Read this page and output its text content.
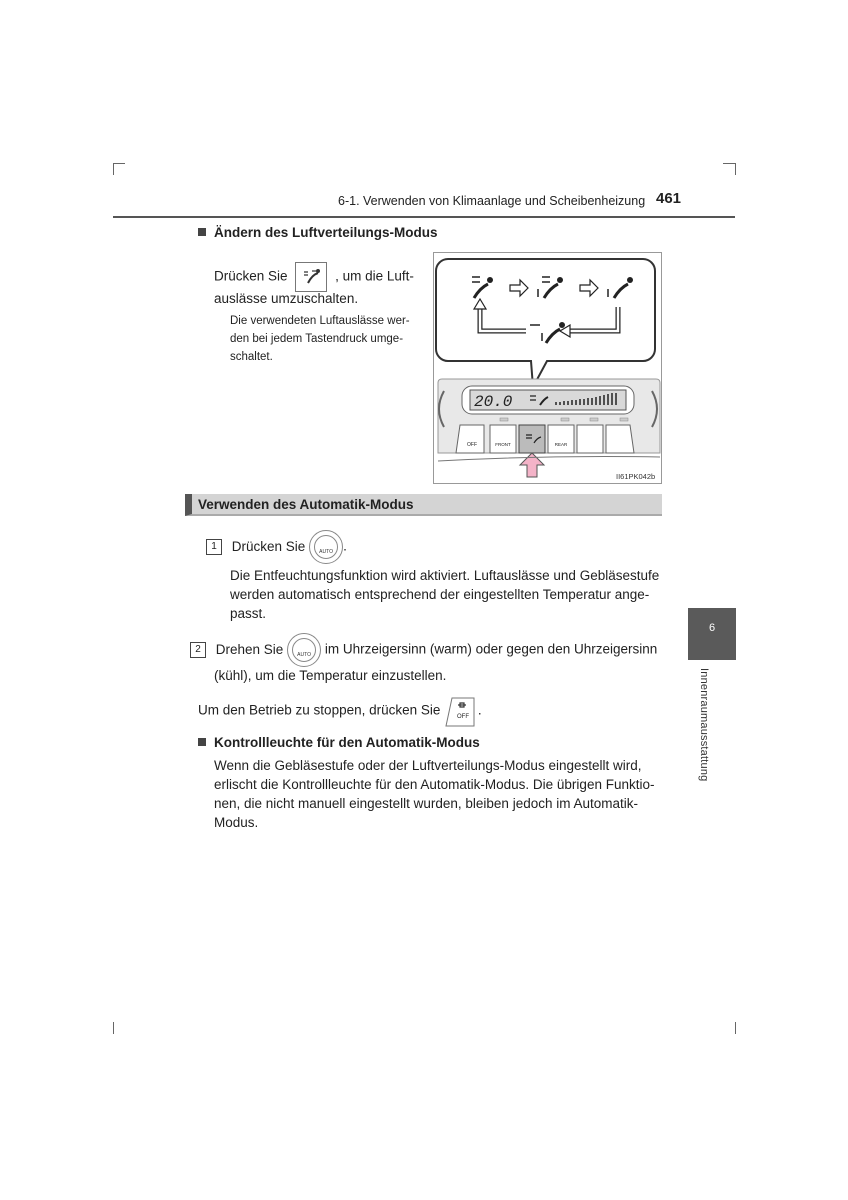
6-1. Verwenden von Klimaanlage und Scheibenheizung 461
Ändern des Luftverteilungs-Modus
Drücken Sie	, um die Luft-
auslässe umzuschalten.
Die verwendeten Luftauslässe wer-
den bei jedem Tastendruck umge-
schaltet.
20.0
OFF	FRONT	REAR
II61PK042b
Verwenden des Automatik-Modus
1 Drücken Sie	AUTO .
Die Entfeuchtungsfunktion wird aktiviert. Luftauslässe und Gebläsestufe
werden automatisch entsprechend der eingestellten Temperatur ange-
passt.
2 Drehen Sie	AUTO	im Uhrzeigersinn (warm) oder gegen den Uhrzeigersinn
(kühl), um die Temperatur einzustellen.
Um den Betrieb zu stoppen, drücken Sie	OFF .
Kontrollleuchte für den Automatik-Modus
Wenn die Gebläsestufe oder der Luftverteilungs-Modus eingestellt wird,
erlischt die Kontrollleuchte für den Automatik-Modus. Die übrigen Funktio-
nen, die nicht manuell eingestellt wurden, bleiben jedoch im Automatik-
Modus.
6
Innenraumausstattung
